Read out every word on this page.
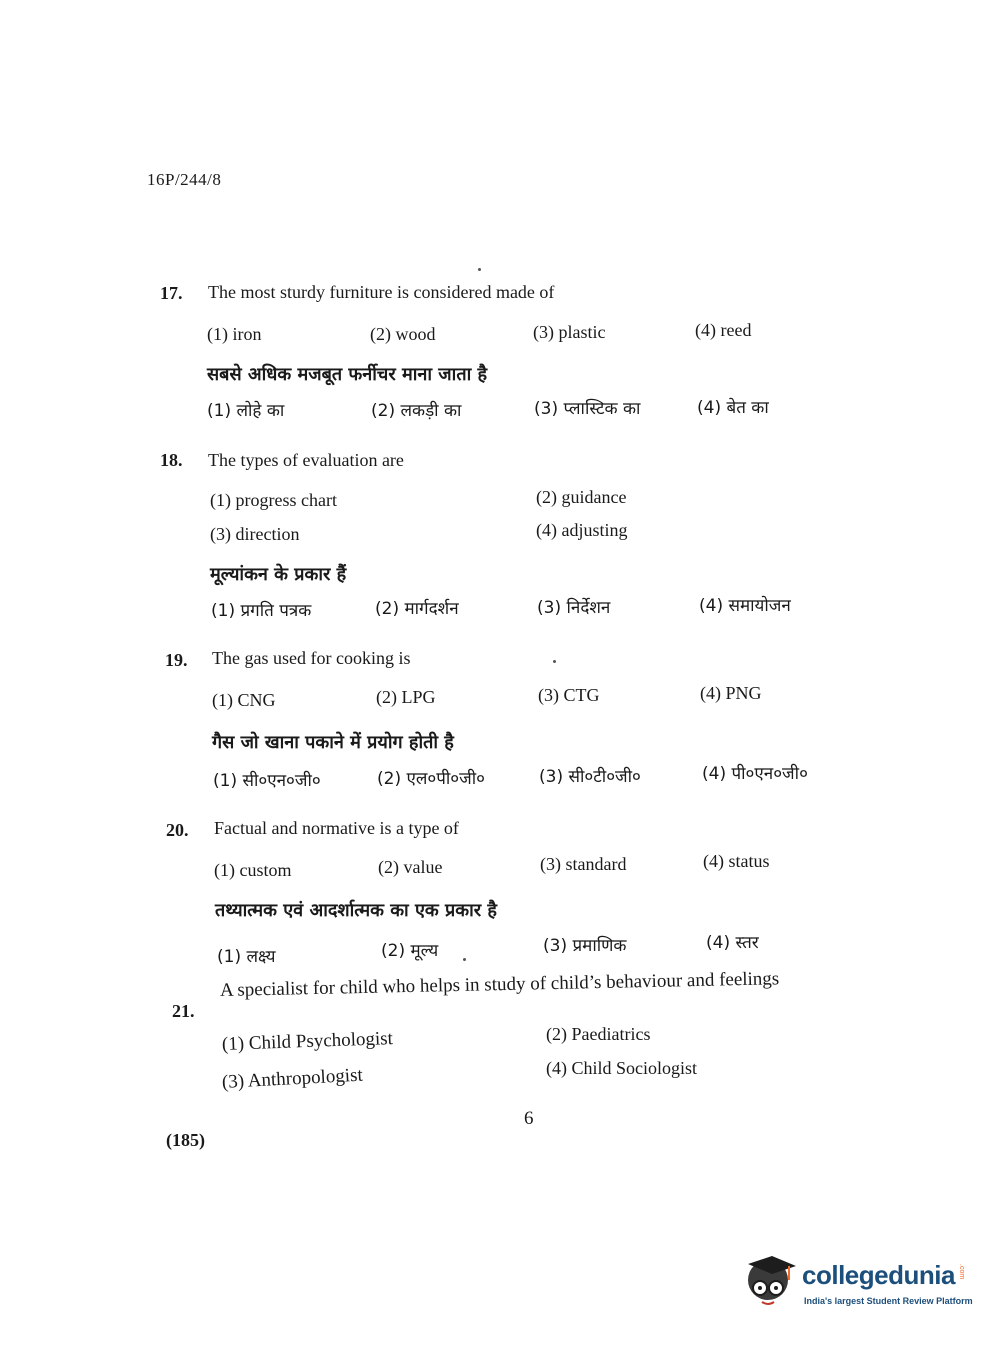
16P/244/8
17. The most sturdy furniture is considered made of
(1) iron	(2) wood	(3) plastic	(4) reed
सबसे अधिक मजबूत फर्नीचर माना जाता है
(1) लोहे का	(2) लकड़ी का	(3) प्लास्टिक का	(4) बेत का
18. The types of evaluation are
(1) progress chart	(2) guidance
(3) direction	(4) adjusting
मूल्यांकन के प्रकार हैं
(1) प्रगति पत्रक	(2) मार्गदर्शन	(3) निर्देशन	(4) समायोजन
19. The gas used for cooking is
(1) CNG	(2) LPG	(3) CTG	(4) PNG
गैस जो खाना पकाने में प्रयोग होती है
(1) सी०एन०जी०	(2) एल०पी०जी०	(3) सी०टी०जी०	(4) पी०एन०जी०
20. Factual and normative is a type of
(1) custom	(2) value	(3) standard	(4) status
तथ्यात्मक एवं आदर्शात्मक का एक प्रकार है
(1) लक्ष्य	(2) मूल्य	(3) प्रमाणिक	(4) स्तर
21.
A specialist for child who helps in study of child’s behaviour and feelings
(1) Child Psychologist	(2) Paediatrics
(3) Anthropologist	(4) Child Sociologist
6
(185)
collegedunia .com
India's largest Student Review Platform
